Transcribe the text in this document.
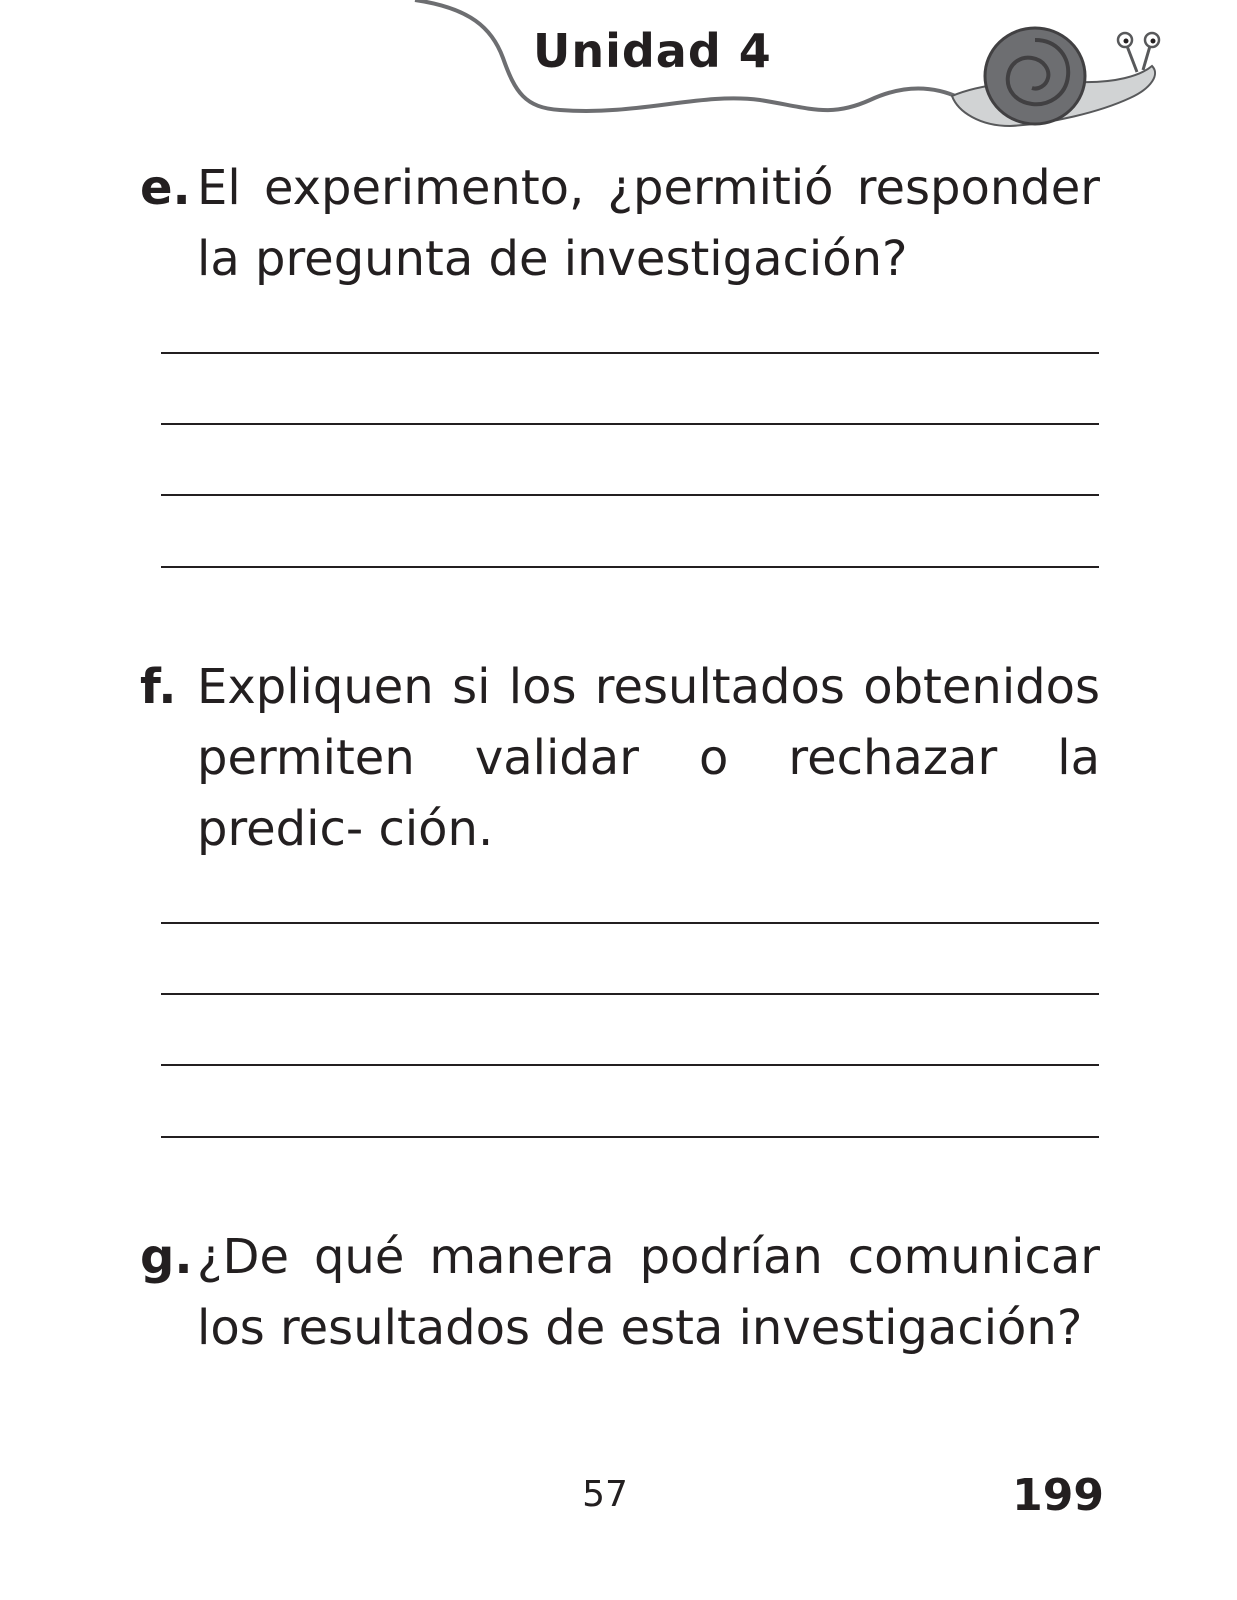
Unidad 4
e. El experimento, ¿permitió responder la pregunta de investigación?
f. Expliquen si los resultados obtenidos permiten validar o rechazar la predic- ción.
g. ¿De qué manera podrían comunicar los resultados de esta investigación?
57	199
